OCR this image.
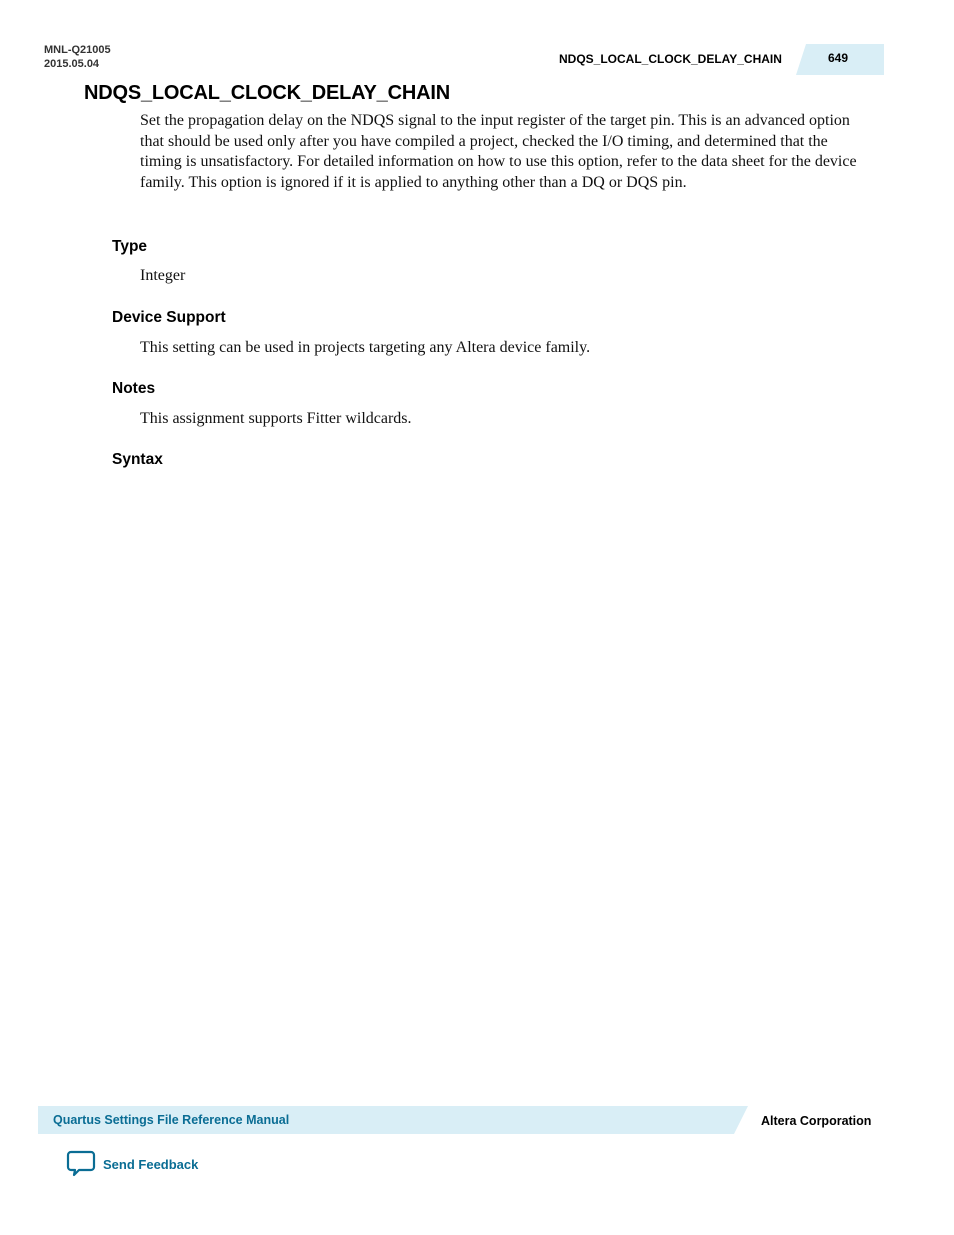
MNL-Q21005
2015.05.04	NDQS_LOCAL_CLOCK_DELAY_CHAIN	649
NDQS_LOCAL_CLOCK_DELAY_CHAIN

Set the propagation delay on the NDQS signal to the input register of the target pin. This is an advanced option that should be used only after you have compiled a project, checked the I/O timing, and determined that the timing is unsatisfactory. For detailed information on how to use this option, refer to the data sheet for the device family. This option is ignored if it is applied to anything other than a DQ or DQS pin.

Type

Integer

Device Support

This setting can be used in projects targeting any Altera device family.

Notes

This assignment supports Fitter wildcards.

Syntax
Quartus Settings File Reference Manual	Altera Corporation
Send Feedback
